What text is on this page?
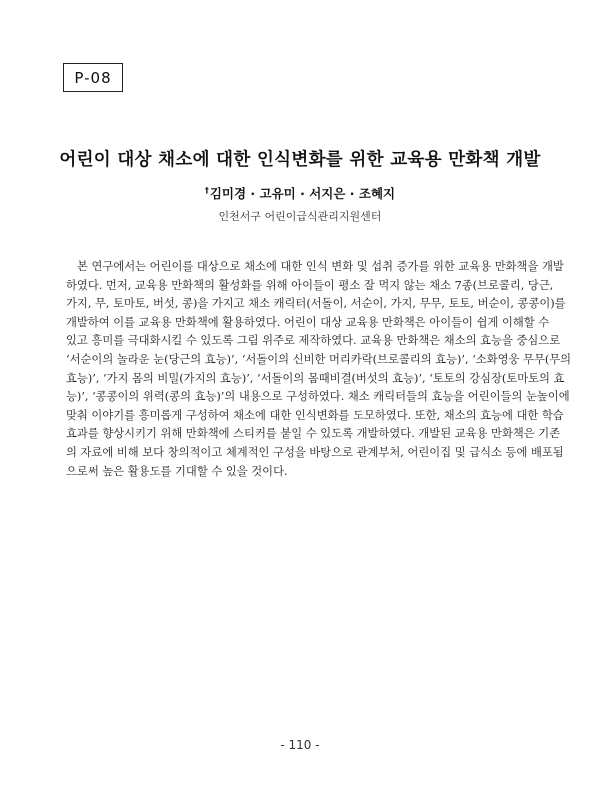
P-08
어린이 대상 채소에 대한 인식변화를 위한 교육용 만화책 개발
†김미경 · 고유미 · 서지은 · 조혜지
인천서구 어린이급식관리지원센터
본 연구에서는 어린이를 대상으로 채소에 대한 인식 변화 및 섭취 증가를 위한 교육용 만화책을 개발
하였다. 먼저, 교육용 만화책의 활성화를 위해 아이들이 평소 잘 먹지 않는 채소 7종(브로콜리, 당근,
가지, 무, 토마토, 버섯, 콩)을 가지고 채소 캐릭터(서돌이, 서순이, 가지, 무무, 토토, 버순이, 콩콩이)를
개발하여 이를 교육용 만화책에 활용하였다. 어린이 대상 교육용 만화책은 아이들이 쉽게 이해할 수
있고 흥미를 극대화시킬 수 있도록 그림 위주로 제작하였다. 교육용 만화책은 채소의 효능을 중심으로
‘서순이의 놀라운 눈(당근의 효능)’, ‘서돌이의 신비한 머리카락(브로콜리의 효능)’, ‘소화영웅 무무(무의
효능)’, ‘가지 몸의 비밀(가지의 효능)’, ‘서돌이의 몸때비결(버섯의 효능)’, ‘토토의 강심장(토마토의 효
능)’, ‘콩콩이의 위력(콩의 효능)’의 내용으로 구성하였다. 채소 캐릭터들의 효능을 어린이들의 눈높이에
맞춰 이야기를 흥미롭게 구성하여 채소에 대한 인식변화를 도모하였다. 또한, 채소의 효능에 대한 학습
효과를 향상시키기 위해 만화책에 스티커를 붙일 수 있도록 개발하였다. 개발된 교육용 만화책은 기존
의 자료에 비해 보다 창의적이고 체계적인 구성을 바탕으로 관계부처, 어린이집 및 급식소 등에 배포됨
으로써 높은 활용도를 기대할 수 있을 것이다.
- 110 -
